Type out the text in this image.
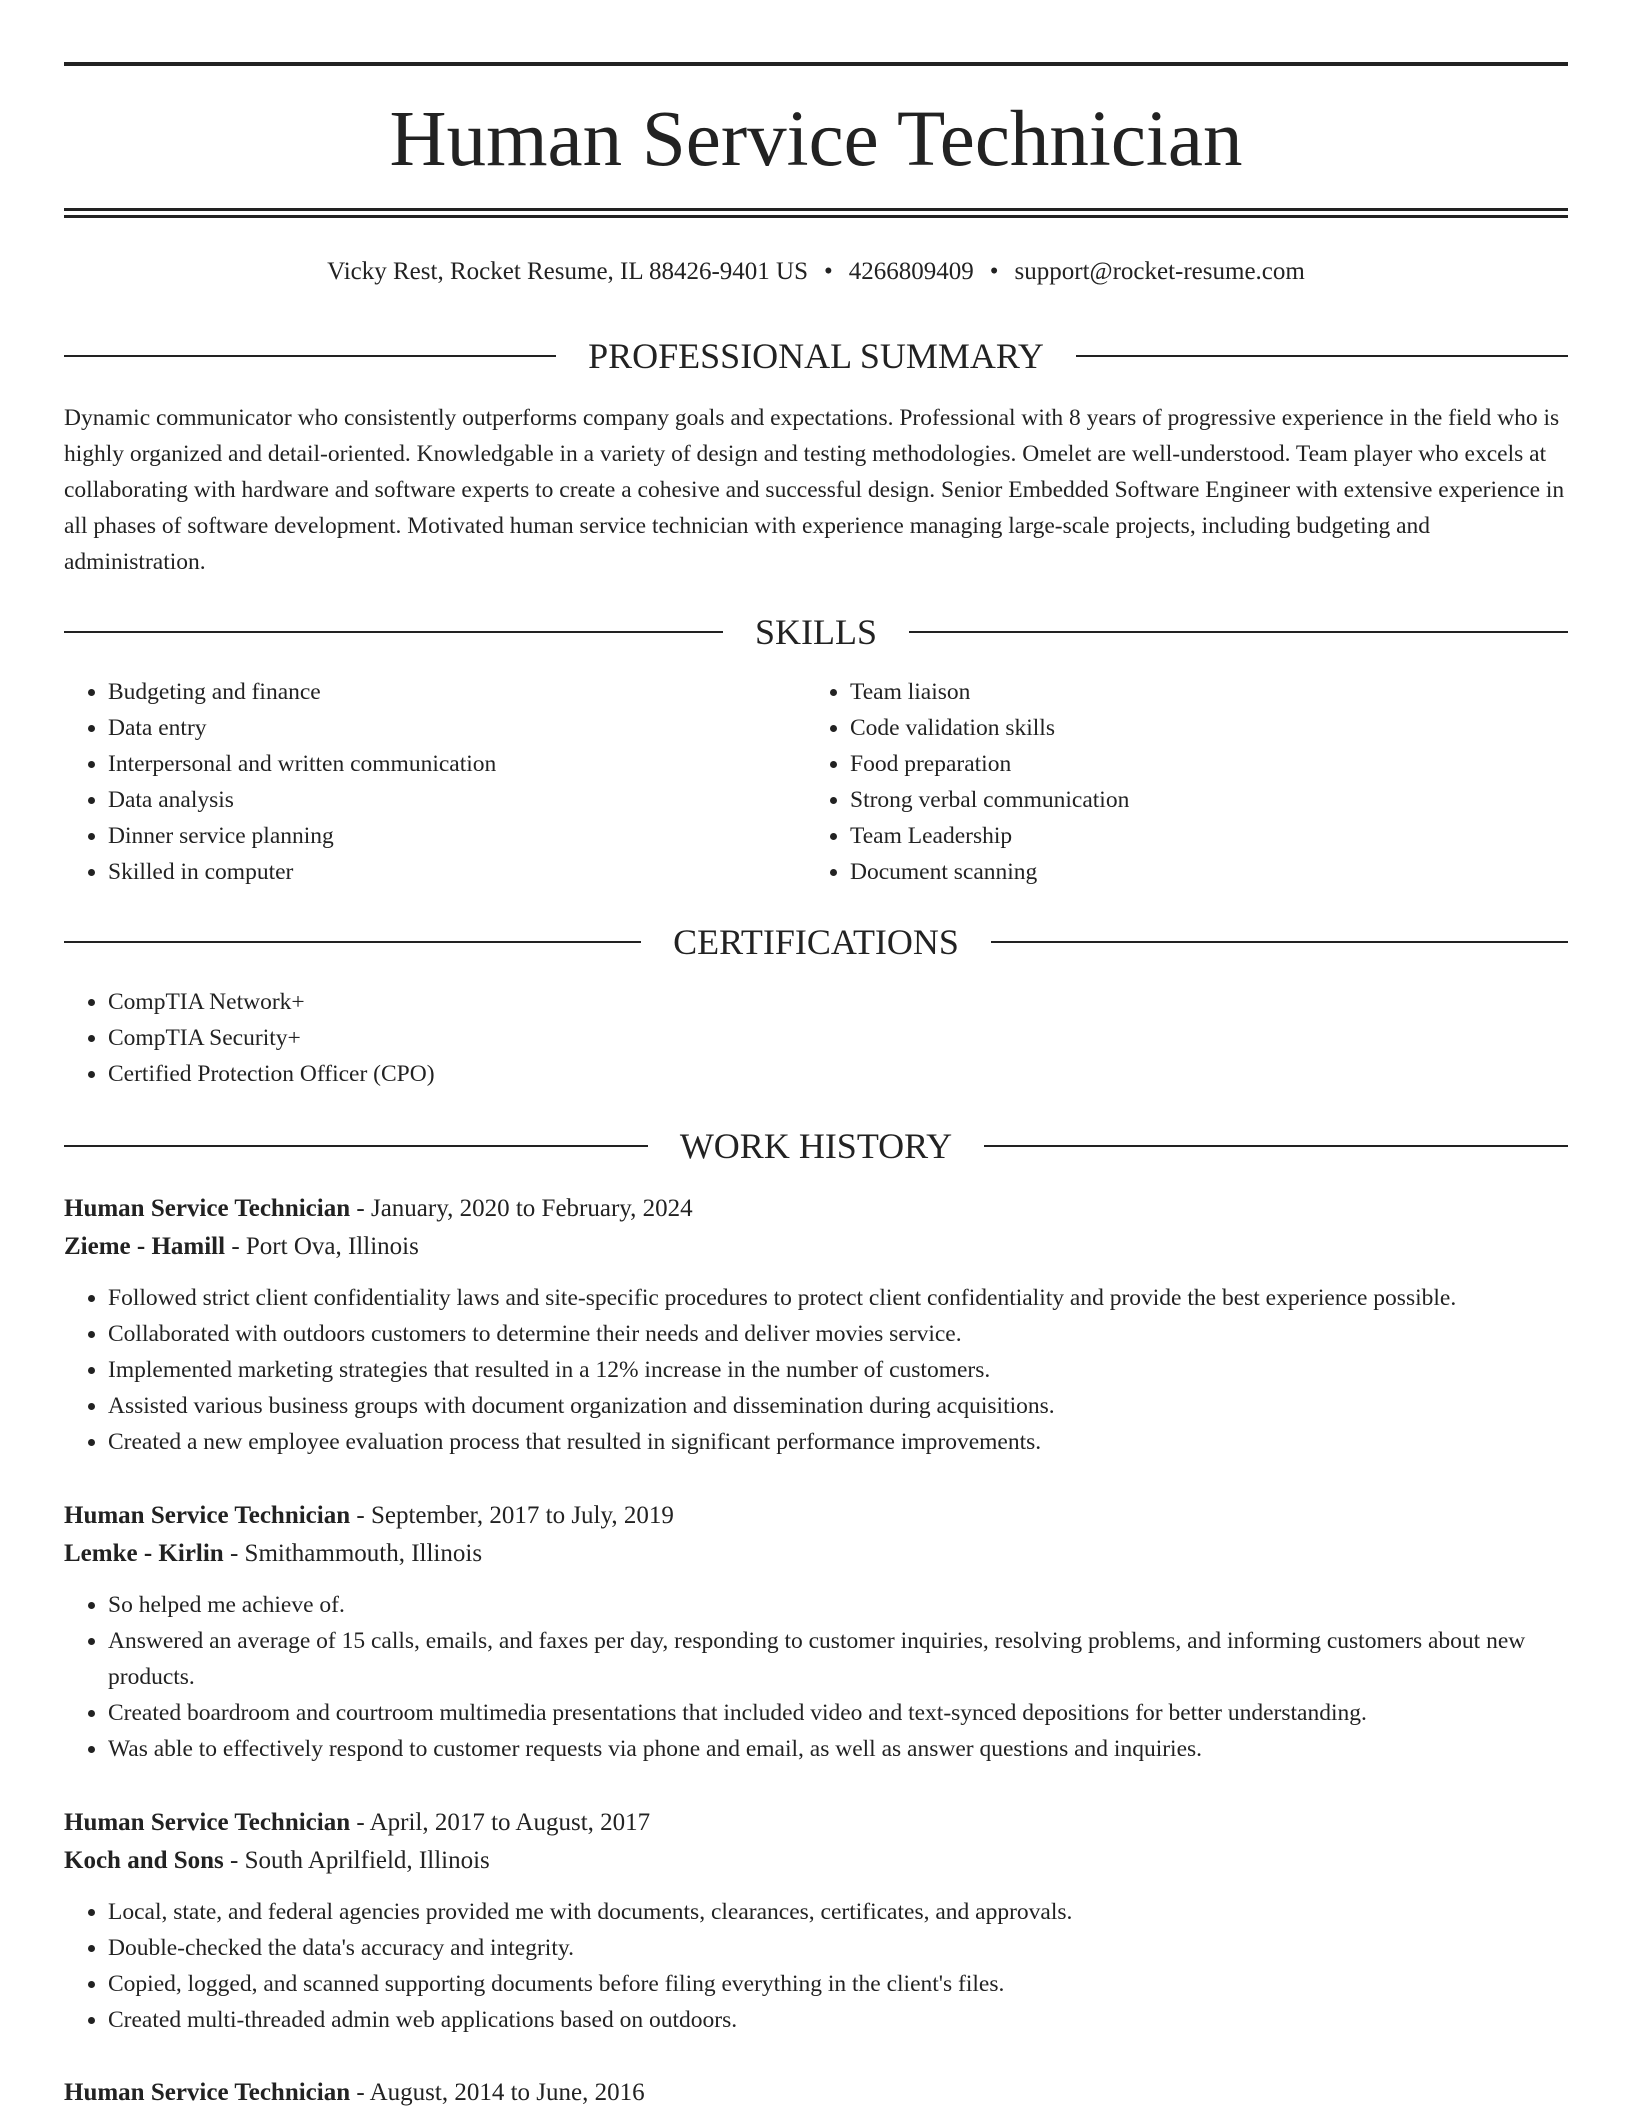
Human Service Technician
Vicky Rest, Rocket Resume, IL 88426-9401 US • 4266809409 • support@rocket-resume.com
PROFESSIONAL SUMMARY

Dynamic communicator who consistently outperforms company goals and expectations. Professional with 8 years of progressive experience in the field who is highly organized and detail-oriented. Knowledgable in a variety of design and testing methodologies. Omelet are well-understood. Team player who excels at collaborating with hardware and software experts to create a cohesive and successful design. Senior Embedded Software Engineer with extensive experience in all phases of software development. Motivated human service technician with experience managing large-scale projects, including budgeting and administration.

SKILLS
• Budgeting and finance
• Data entry
• Interpersonal and written communication
• Data analysis
• Dinner service planning
• Skilled in computer
• Team liaison
• Code validation skills
• Food preparation
• Strong verbal communication
• Team Leadership
• Document scanning
CERTIFICATIONS
• CompTIA Network+
• CompTIA Security+
• Certified Protection Officer (CPO)
WORK HISTORY
Human Service Technician - January, 2020 to February, 2024
Zieme - Hamill - Port Ova, Illinois
• Followed strict client confidentiality laws and site-specific procedures to protect client confidentiality and provide the best experience possible.
• Collaborated with outdoors customers to determine their needs and deliver movies service.
• Implemented marketing strategies that resulted in a 12% increase in the number of customers.
• Assisted various business groups with document organization and dissemination during acquisitions.
• Created a new employee evaluation process that resulted in significant performance improvements.
Human Service Technician - September, 2017 to July, 2019
Lemke - Kirlin - Smithammouth, Illinois
• So helped me achieve of.
• Answered an average of 15 calls, emails, and faxes per day, responding to customer inquiries, resolving problems, and informing customers about new products.
• Created boardroom and courtroom multimedia presentations that included video and text-synced depositions for better understanding.
• Was able to effectively respond to customer requests via phone and email, as well as answer questions and inquiries.
Human Service Technician - April, 2017 to August, 2017
Koch and Sons - South Aprilfield, Illinois
• Local, state, and federal agencies provided me with documents, clearances, certificates, and approvals.
• Double-checked the data's accuracy and integrity.
• Copied, logged, and scanned supporting documents before filing everything in the client's files.
• Created multi-threaded admin web applications based on outdoors.
Human Service Technician - August, 2014 to June, 2016
